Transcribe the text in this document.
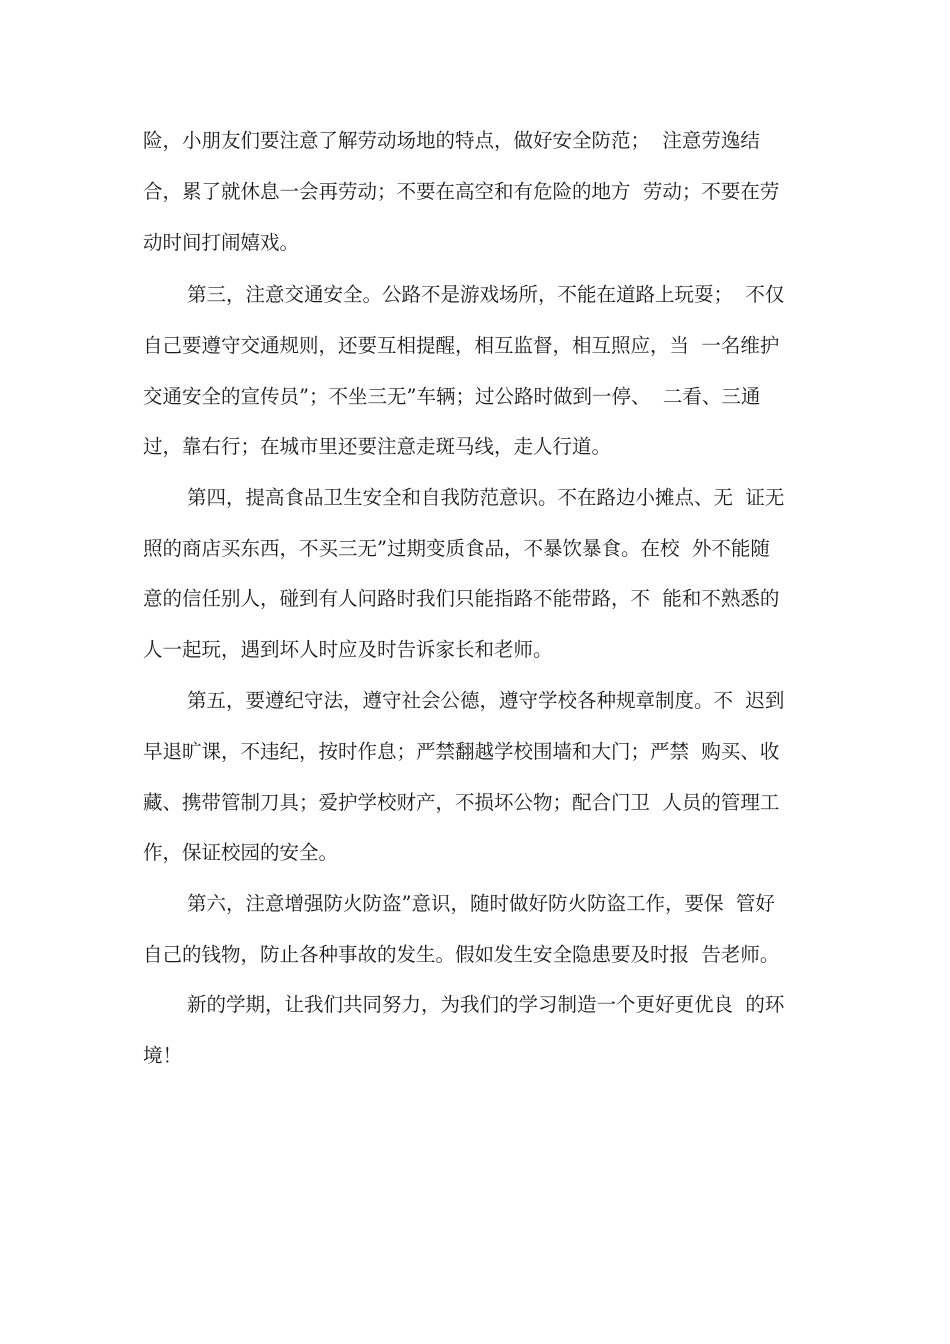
险，小朋友们要注意了解劳动场地的特点，做好安全防范；  注意劳逸结
合，累了就休息一会再劳动；不要在高空和有危险的地方  劳动；不要在劳
动时间打闹嬉戏。
第三，注意交通安全。公路不是游戏场所，不能在道路上玩耍；  不仅
自己要遵守交通规则，还要互相提醒，相互监督，相互照应，当  一名维护
交通安全的宣传员”；不坐三无”车辆；过公路时做到一停、  二看、三通
过，靠右行；在城市里还要注意走斑马线，走人行道。
第四，提高食品卫生安全和自我防范意识。不在路边小摊点、无  证无
照的商店买东西，不买三无”过期变质食品，不暴饮暴食。在校  外不能随
意的信任别人，碰到有人问路时我们只能指路不能带路，不  能和不熟悉的
人一起玩，遇到坏人时应及时告诉家长和老师。
第五，要遵纪守法，遵守社会公德，遵守学校各种规章制度。不  迟到
早退旷课，不违纪，按时作息；严禁翻越学校围墙和大门；严禁  购买、收
藏、携带管制刀具；爱护学校财产，不损坏公物；配合门卫  人员的管理工
作，保证校园的安全。
第六，注意增强防火防盗”意识，随时做好防火防盗工作，要保  管好
自己的钱物，防止各种事故的发生。假如发生安全隐患要及时报  告老师。
新的学期，让我们共同努力，为我们的学习制造一个更好更优良  的环
境！
